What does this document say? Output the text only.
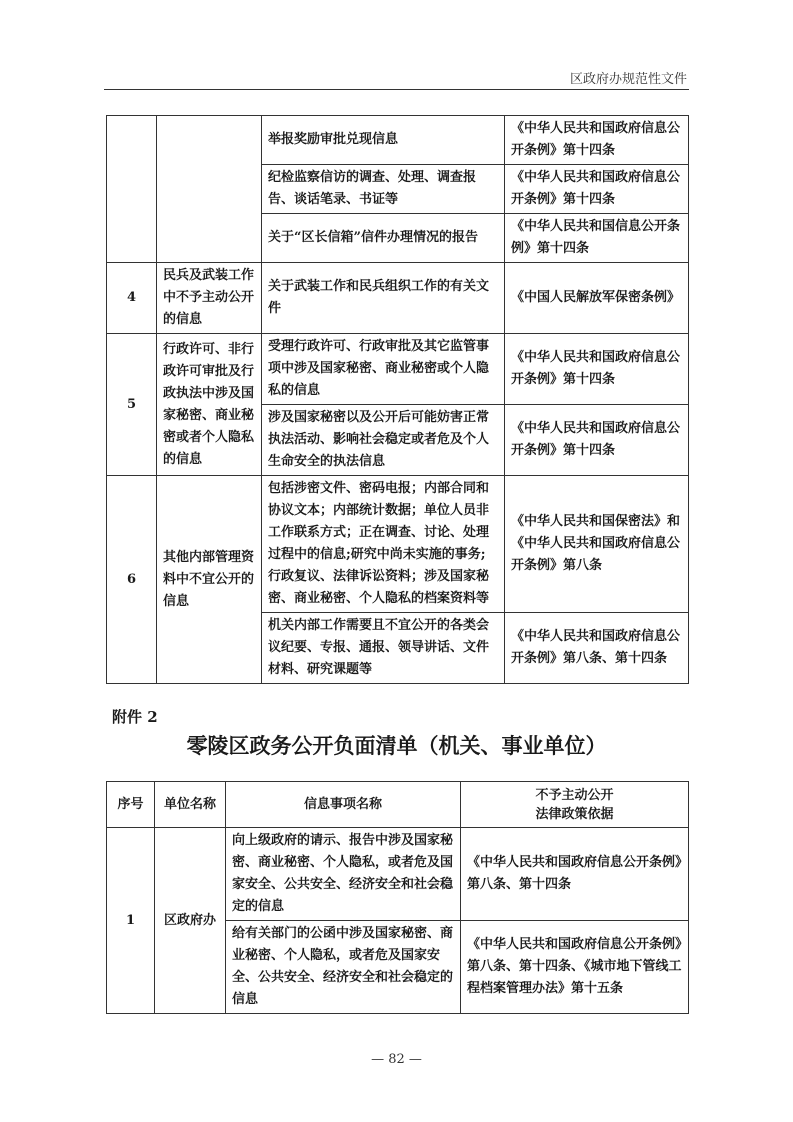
区政府办规范性文件
		举报奖励审批兑现信息	《中华人民共和国政府信息公开条例》第十四条
		纪检监察信访的调查、处理、调查报告、谈话笔录、书证等	《中华人民共和国政府信息公开条例》第十四条
		关于“区长信箱”信件办理情况的报告	《中华人民共和国信息公开条例》第十四条
4	民兵及武装工作中不予主动公开的信息	关于武装工作和民兵组织工作的有关文件	《中国人民解放军保密条例》
5	行政许可、非行政许可审批及行政执法中涉及国家秘密、商业秘密或者个人隐私的信息	受理行政许可、行政审批及其它监管事项中涉及国家秘密、商业秘密或个人隐私的信息	《中华人民共和国政府信息公开条例》第十四条
		涉及国家秘密以及公开后可能妨害正常执法活动、影响社会稳定或者危及个人生命安全的执法信息	《中华人民共和国政府信息公开条例》第十四条
6	其他内部管理资料中不宜公开的信息	包括涉密文件、密码电报；内部合同和协议文本；内部统计数据；单位人员非工作联系方式；正在调查、讨论、处理过程中的信息;研究中尚未实施的事务;行政复议、法律诉讼资料；涉及国家秘密、商业秘密、个人隐私的档案资料等	《中华人民共和国保密法》和《中华人民共和国政府信息公开条例》第八条
		机关内部工作需要且不宜公开的各类会议纪要、专报、通报、领导讲话、文件材料、研究课题等	《中华人民共和国政府信息公开条例》第八条、第十四条
附件 2
零陵区政务公开负面清单（机关、事业单位）
序号	单位名称	信息事项名称	不予主动公开
法律政策依据

1	区政府办	向上级政府的请示、报告中涉及国家秘密、商业秘密、个人隐私，或者危及国家安全、公共安全、经济安全和社会稳定的信息	《中华人民共和国政府信息公开条例》第八条、第十四条
		给有关部门的公函中涉及国家秘密、商业秘密、个人隐私，或者危及国家安全、公共安全、经济安全和社会稳定的信息	《中华人民共和国政府信息公开条例》第八条、第十四条、《城市地下管线工程档案管理办法》第十五条
— 82 —
